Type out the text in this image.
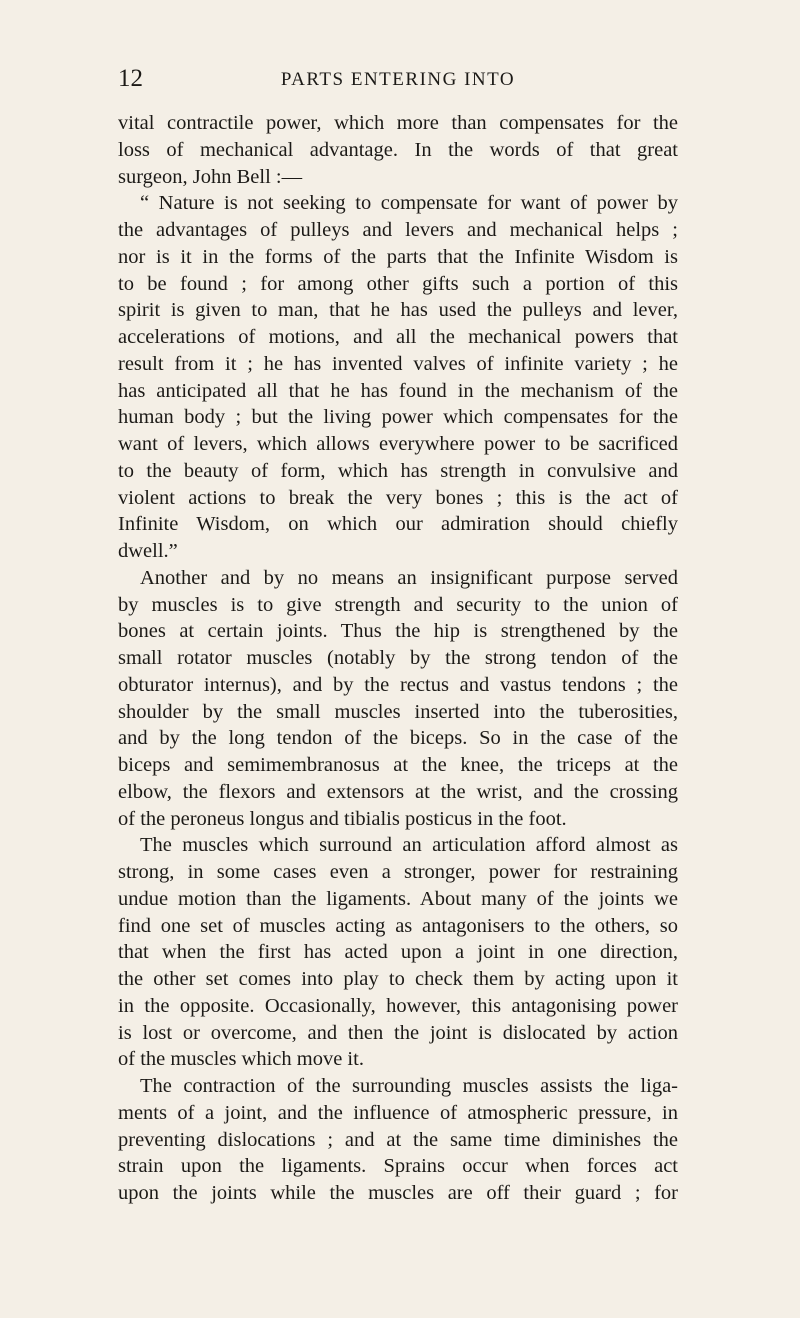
12	PARTS ENTERING INTO
vital contractile power, which more than compensates for the
loss of mechanical advantage. In the words of that great
surgeon, John Bell :—
“ Nature is not seeking to compensate for want of power by
the advantages of pulleys and levers and mechanical helps ;
nor is it in the forms of the parts that the Infinite Wisdom is
to be found ; for among other gifts such a portion of this
spirit is given to man, that he has used the pulleys and lever,
accelerations of motions, and all the mechanical powers that
result from it ; he has invented valves of infinite variety ; he
has anticipated all that he has found in the mechanism of the
human body ; but the living power which compensates for the
want of levers, which allows everywhere power to be sacrificed
to the beauty of form, which has strength in convulsive and
violent actions to break the very bones ; this is the act of
Infinite Wisdom, on which our admiration should chiefly
dwell.”
Another and by no means an insignificant purpose served
by muscles is to give strength and security to the union of
bones at certain joints. Thus the hip is strengthened by the
small rotator muscles (notably by the strong tendon of the
obturator internus), and by the rectus and vastus tendons ; the
shoulder by the small muscles inserted into the tuberosities,
and by the long tendon of the biceps. So in the case of the
biceps and semimembranosus at the knee, the triceps at the
elbow, the flexors and extensors at the wrist, and the crossing
of the peroneus longus and tibialis posticus in the foot.
The muscles which surround an articulation afford almost as
strong, in some cases even a stronger, power for restraining
undue motion than the ligaments. About many of the joints we
find one set of muscles acting as antagonisers to the others, so
that when the first has acted upon a joint in one direction,
the other set comes into play to check them by acting upon it
in the opposite. Occasionally, however, this antagonising power
is lost or overcome, and then the joint is dislocated by action
of the muscles which move it.
The contraction of the surrounding muscles assists the liga-
ments of a joint, and the influence of atmospheric pressure, in
preventing dislocations ; and at the same time diminishes the
strain upon the ligaments. Sprains occur when forces act
upon the joints while the muscles are off their guard ; for
